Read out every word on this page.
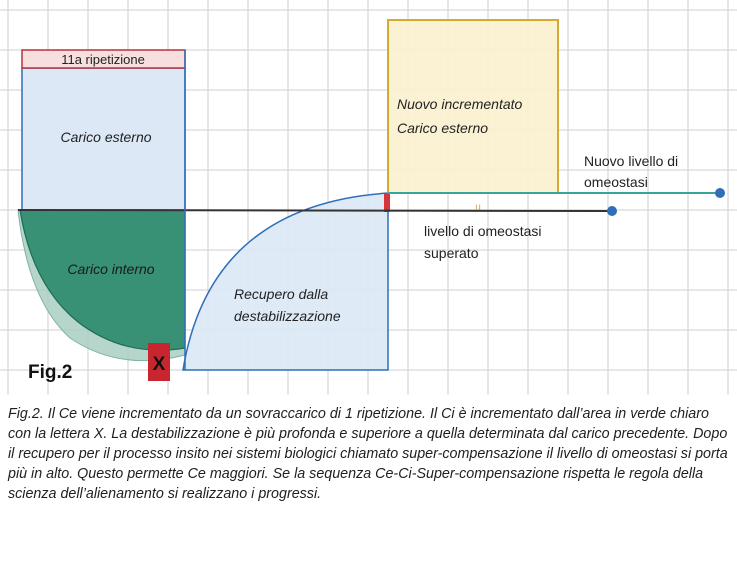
X
11a ripetizione
Carico esterno
Carico interno
Recupero dalla
destabilizzazione
Nuovo incrementato
Carico esterno
Nuovo livello di
omeostasi
livello di omeostasi
superato
u
Fig.2

Fig.2. Il Ce viene incrementato da un sovraccarico di 1 ripetizione. Il Ci è incrementato dall’area in verde chiaro con la lettera X. La destabilizzazione è più profonda e superiore a quella determinata dal carico precedente. Dopo il recupero per il processo insito nei sistemi biologici chiamato super-compensazione il livello di omeostasi si porta più in alto. Questo permette Ce maggiori. Se la sequenza Ce-Ci-Super-compensazione rispetta le regola della scienza dell’alienamento si realizzano i progressi.
